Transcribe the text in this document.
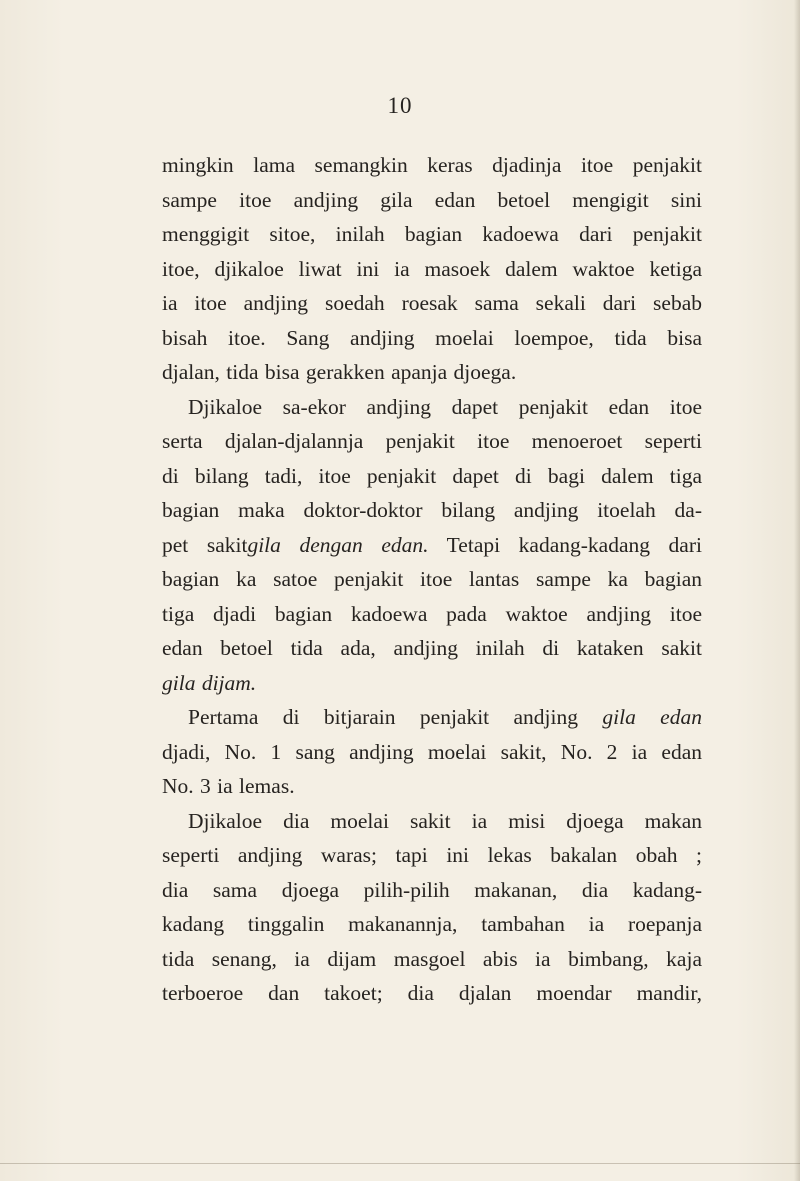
10
mingkin lama semangkin keras djadinja itoe penjakit
sampe itoe andjing gila edan betoel mengigit sini
menggigit sitoe, inilah bagian kadoewa dari penjakit
itoe, djikaloe liwat ini ia masoek dalem waktoe ketiga
ia itoe andjing soedah roesak sama sekali dari sebab
bisah itoe. Sang andjing moelai loempoe, tida bisa
djalan, tida bisa gerakken apanja djoega.
Djikaloe sa-ekor andjing dapet penjakit edan itoe
serta djalan-djalannja penjakit itoe menoeroet seperti
di bilang tadi, itoe penjakit dapet di bagi dalem tiga
bagian maka doktor-doktor bilang andjing itoelah da-
pet sakitgila dengan edan. Tetapi kadang-kadang dari
bagian ka satoe penjakit itoe lantas sampe ka bagian
tiga djadi bagian kadoewa pada waktoe andjing itoe
edan betoel tida ada, andjing inilah di kataken sakit
gila dijam.
Pertama di bitjarain penjakit andjing gila edan
djadi, No. 1 sang andjing moelai sakit, No. 2 ia edan
No. 3 ia lemas.
Djikaloe dia moelai sakit ia misi djoega makan
seperti andjing waras; tapi ini lekas bakalan obah ;
dia sama djoega pilih-pilih makanan, dia kadang-
kadang tinggalin makanannja, tambahan ia roepanja
tida senang, ia dijam masgoel abis ia bimbang, kaja
terboeroe dan takoet; dia djalan moendar mandir,
